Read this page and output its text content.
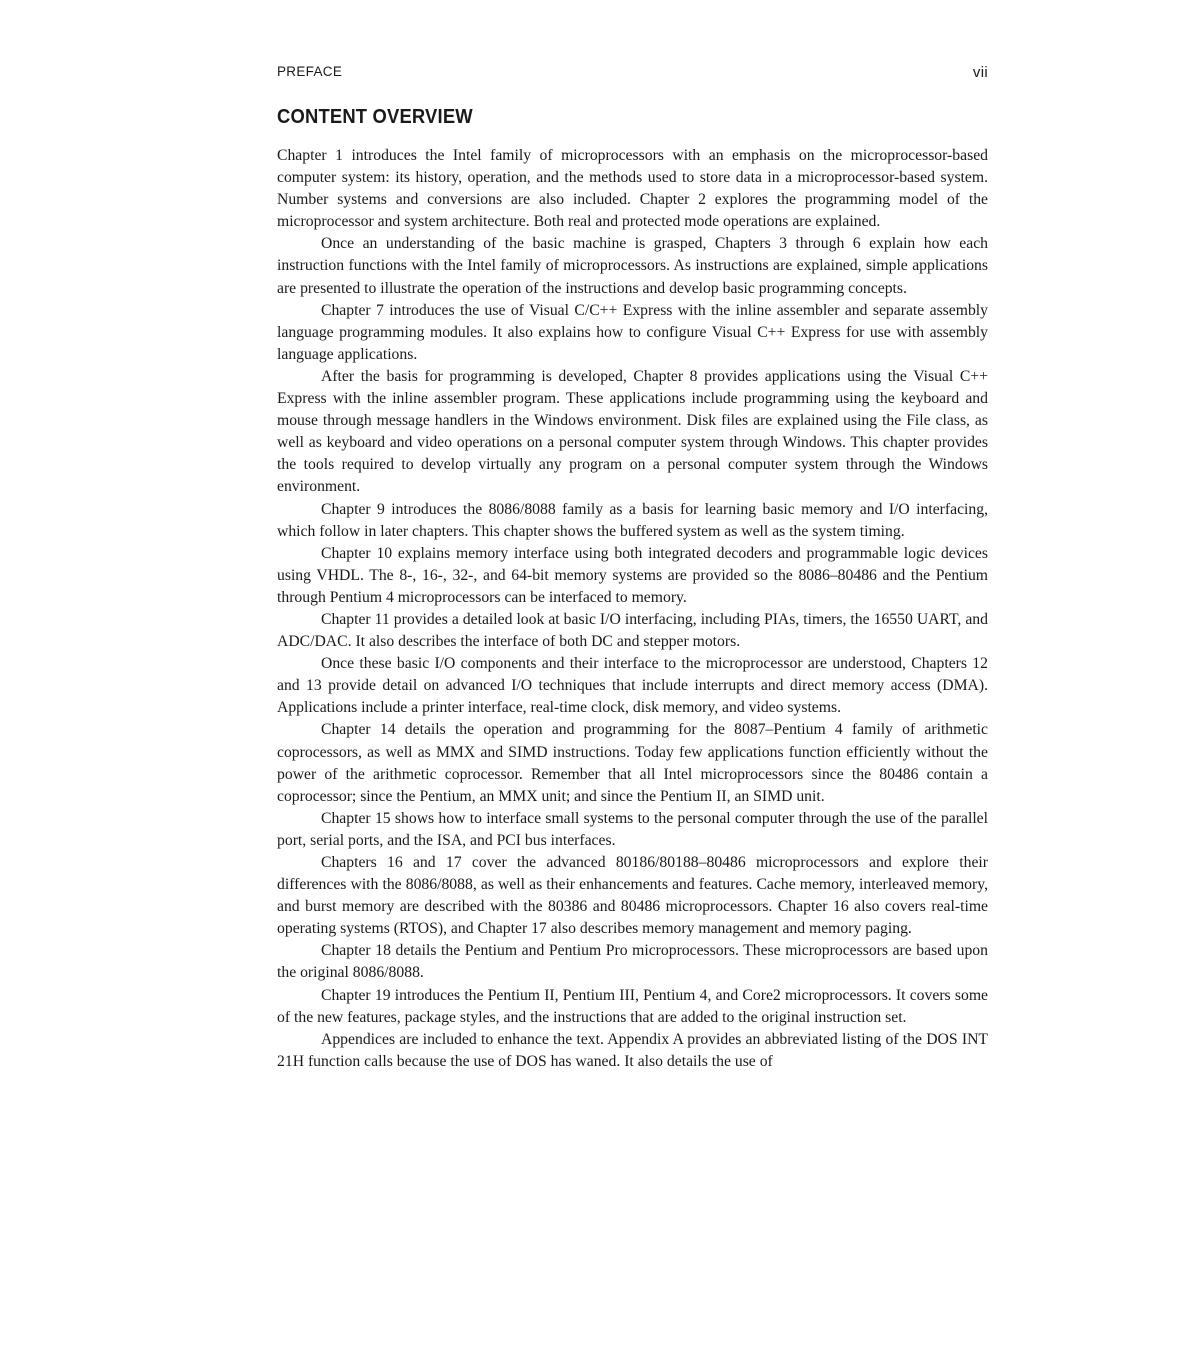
PREFACE	vii
CONTENT OVERVIEW

Chapter 1 introduces the Intel family of microprocessors with an emphasis on the microprocessor-based computer system: its history, operation, and the methods used to store data in a microprocessor-based system. Number systems and conversions are also included. Chapter 2 explores the programming model of the microprocessor and system architecture. Both real and protected mode operations are explained.

Once an understanding of the basic machine is grasped, Chapters 3 through 6 explain how each instruction functions with the Intel family of microprocessors. As instructions are explained, simple applications are presented to illustrate the operation of the instructions and develop basic programming concepts.

Chapter 7 introduces the use of Visual C/C++ Express with the inline assembler and separate assembly language programming modules. It also explains how to configure Visual C++ Express for use with assembly language applications.

After the basis for programming is developed, Chapter 8 provides applications using the Visual C++ Express with the inline assembler program. These applications include programming using the keyboard and mouse through message handlers in the Windows environment. Disk files are explained using the File class, as well as keyboard and video operations on a personal computer system through Windows. This chapter provides the tools required to develop virtually any program on a personal computer system through the Windows environment.

Chapter 9 introduces the 8086/8088 family as a basis for learning basic memory and I/O interfacing, which follow in later chapters. This chapter shows the buffered system as well as the system timing.

Chapter 10 explains memory interface using both integrated decoders and programmable logic devices using VHDL. The 8-, 16-, 32-, and 64-bit memory systems are provided so the 8086–80486 and the Pentium through Pentium 4 microprocessors can be interfaced to memory.

Chapter 11 provides a detailed look at basic I/O interfacing, including PIAs, timers, the 16550 UART, and ADC/DAC. It also describes the interface of both DC and stepper motors.

Once these basic I/O components and their interface to the microprocessor are understood, Chapters 12 and 13 provide detail on advanced I/O techniques that include interrupts and direct memory access (DMA). Applications include a printer interface, real-time clock, disk memory, and video systems.

Chapter 14 details the operation and programming for the 8087–Pentium 4 family of arithmetic coprocessors, as well as MMX and SIMD instructions. Today few applications function efficiently without the power of the arithmetic coprocessor. Remember that all Intel microprocessors since the 80486 contain a coprocessor; since the Pentium, an MMX unit; and since the Pentium II, an SIMD unit.

Chapter 15 shows how to interface small systems to the personal computer through the use of the parallel port, serial ports, and the ISA, and PCI bus interfaces.

Chapters 16 and 17 cover the advanced 80186/80188–80486 microprocessors and explore their differences with the 8086/8088, as well as their enhancements and features. Cache memory, interleaved memory, and burst memory are described with the 80386 and 80486 microprocessors. Chapter 16 also covers real-time operating systems (RTOS), and Chapter 17 also describes memory management and memory paging.

Chapter 18 details the Pentium and Pentium Pro microprocessors. These microprocessors are based upon the original 8086/8088.

Chapter 19 introduces the Pentium II, Pentium III, Pentium 4, and Core2 microprocessors. It covers some of the new features, package styles, and the instructions that are added to the original instruction set.

Appendices are included to enhance the text. Appendix A provides an abbreviated listing of the DOS INT 21H function calls because the use of DOS has waned. It also details the use of
